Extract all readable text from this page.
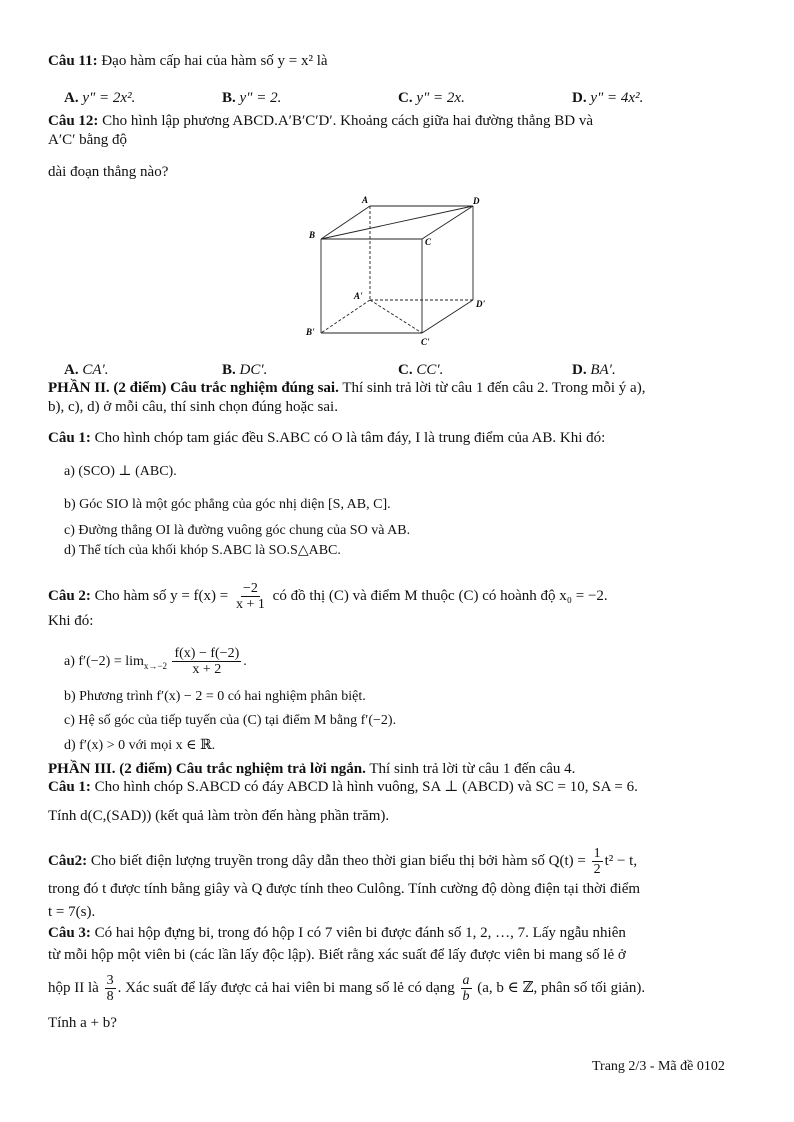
Câu 11: Đạo hàm cấp hai của hàm số y = x² là
A. y" = 2x².	B. y" = 2.	C. y" = 2x.	D. y" = 4x².
Câu 12: Cho hình lập phương ABCD.A′B′C′D′. Khoảng cách giữa hai đường thẳng BD và
A′C′ bằng độ
dài đoạn thẳng nào?
A	D
B
C
A'
D'
B'
C'
A. CA′.	B. DC′.	C. CC′.	D. BA′.
PHẦN II. (2 điểm) Câu trắc nghiệm đúng sai. Thí sinh trả lời từ câu 1 đến câu 2. Trong mỗi ý a),
b), c), d) ở mỗi câu, thí sinh chọn đúng hoặc sai.
Câu 1: Cho hình chóp tam giác đều S.ABC có O là tâm đáy, I là trung điểm của AB. Khi đó:
a) (SCO) ⊥ (ABC).
b) Góc SIO là một góc phẳng của góc nhị diện [S, AB, C].
c) Đường thẳng OI là đường vuông góc chung của SO và AB.
d) Thể tích của khối khóp S.ABC là SO.S△ABC.
Câu 2: Cho hàm số $y = f(x) = \frac{-2}{x + 1}$ có đồ thị (C) và điểm M thuộc (C) có hoành độ x₀ = −2.
Khi đó:
a) $f'(-2) = \lim_{x\to-2} \frac{f(x) - f(-2)}{x + 2}$ .
b) Phương trình f′(x) − 2 = 0 có hai nghiệm phân biệt.
c) Hệ số góc của tiếp tuyến của (C) tại điểm M bằng f′(−2).
d) f′(x) > 0 với mọi x ∈ ℝ.
PHẦN III. (2 điểm) Câu trắc nghiệm trả lời ngắn. Thí sinh trả lời từ câu 1 đến câu 4.
Câu 1: Cho hình chóp S.ABCD có đáy ABCD là hình vuông, SA ⊥ (ABCD) và SC = 10, SA = 6.
Tính d(C,(SAD)) (kết quả làm tròn đến hàng phần trăm).
Câu2: Cho biết điện lượng truyền trong dây dẫn theo thời gian biểu thị bởi hàm số $Q(t) = \frac{1}{2} t^2 - t$,
trong đó t được tính bằng giây và Q được tính theo Culông. Tính cường độ dòng điện tại thời điểm
t = 7(s).
Câu 3: Có hai hộp đựng bi, trong đó hộp I có 7 viên bi được đánh số 1, 2, …, 7. Lấy ngẫu nhiên
từ mỗi hộp một viên bi (các lần lấy độc lập). Biết rằng xác suất để lấy được viên bi mang số lẻ ở
hộp II là $\frac{3}{8}$ . Xác suất để lấy được cả hai viên bi mang số lẻ có dạng $\frac{a}{b} (a$, b ∈ ℤ, phân số tối giản).
Tính a + b?
Trang 2/3 - Mã đề 0102
